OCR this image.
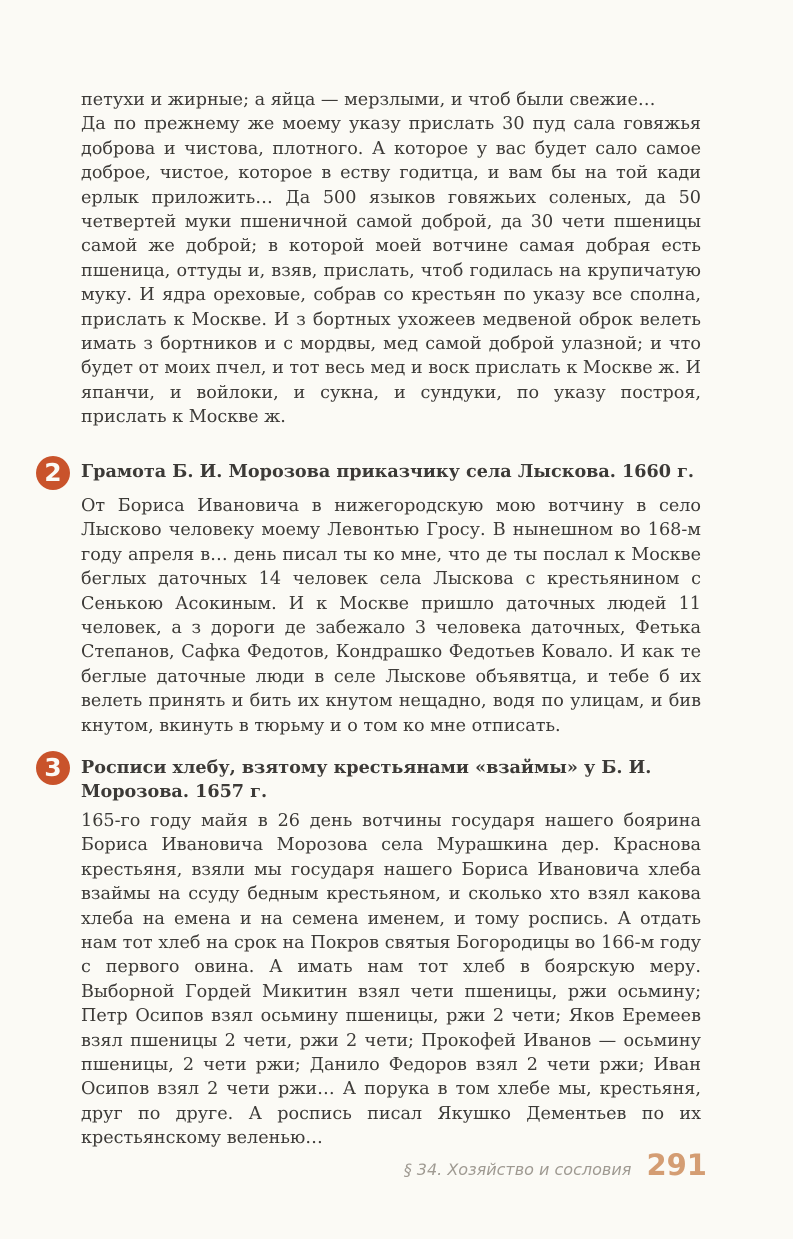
петухи и жирные; а яйца — мерзлыми, и чтоб были свежие…

Да по прежнему же моему указу прислать 30 пуд сала говяжья доброва и чистова, плотного. А которое у вас будет сало самое доброе, чистое, которое в еству годитца, и вам бы на той кади ерлык приложить… Да 500 языков говяжьих соленых, да 50 четвертей муки пшеничной самой доброй, да 30 чети пшеницы самой же доброй; в которой моей вотчине самая добрая есть пшеница, оттуды и, взяв, прислать, чтоб годилась на крупичатую муку. И ядра ореховые, собрав со крестьян по указу все сполна, прислать к Москве. И з бортных ухожеев медвеной оброк велеть имать з бортников и с мордвы, мед самой доброй улазной; и что будет от моих пчел, и тот весь мед и воск прислать к Москве ж. И япанчи, и войлоки, и сукна, и сундуки, по указу построя, прислать к Москве ж.

2	Грамота Б. И. Морозова приказчику села Лыскова. 1660 г.

От Бориса Ивановича в нижегородскую мою вотчину в село Лысково человеку моему Левонтью Гросу. В нынешном во 168-м году апреля в… день писал ты ко мне, что де ты послал к Москве беглых даточных 14 человек села Лыскова с крестьянином с Сенькою Асокиным. И к Москве пришло даточных людей 11 человек, а з дороги де забежало 3 человека даточных, Фетька Степанов, Сафка Федотов, Кондрашко Федотьев Ковало. И как те беглые даточные люди в селе Лыскове объявятца, и тебе б их велеть принять и бить их кнутом нещадно, водя по улицам, и бив кнутом, вкинуть в тюрьму и о том ко мне отписать.

3	Росписи хлебу, взятому крестьянами «взаймы» у Б. И. Морозова. 1657 г.

165-го году майя в 26 день вотчины государя нашего боярина Бориса Ивановича Морозова села Мурашкина дер. Краснова крестьяня, взяли мы государя нашего Бориса Ивановича хлеба взаймы на ссуду бедным крестьяном, и сколько хто взял какова хлеба на емена и на семена именем, и тому роспись. А отдать нам тот хлеб на срок на Покров святыя Богородицы во 166-м году с первого овина. А имать нам тот хлеб в боярскую меру. Выборной Гордей Микитин взял чети пшеницы, ржи осьмину; Петр Осипов взял осьмину пшеницы, ржи 2 чети; Яков Еремеев взял пшеницы 2 чети, ржи 2 чети; Прокофей Иванов — осьмину пшеницы, 2 чети ржи; Данило Федоров взял 2 чети ржи; Иван Осипов взял 2 чети ржи… А порука в том хлебе мы, крестьяня, друг по друге. А роспись писал Якушко Дементьев по их крестьянскому веленью…

§ 34. Хозяйство и сословия 291
